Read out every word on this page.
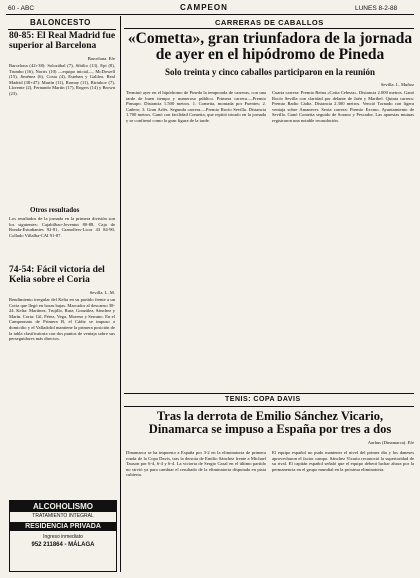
60 - ABC	CAMPEON	LUNES 8-2-88
BALONCESTO
80-85: El Real Madrid fue superior al Barcelona
Barcelona. Efe
Barcelona (42+38): Solozábal (7), Sibilio (13), Epi (8), Trumbo (16), Norris (10) —equipo inicial—, McDowell (15), Jiménez (6), Costa (4), Esteban y Galilea. Real Madrid (38+47): Martín (11), Romay (11), Biriukov (7), Llorente (2), Fernando Martín (17), Rogers (14) y Brown (23).
Otros resultados
Los resultados de la jornada en la primera división son los siguientes: Cajabilbao-Joventut 80-88, Caja de Ronda-Estudiantes 92-81, Granollers-Licor 43 84-90, Collado Villalba-CAI 91-87.
74-54: Fácil victoria del Kelia sobre el Coria
Sevilla. L. M.
Rendimiento irregular del Kelia en su partido frente a un Coria que llegó en horas bajas. Marcador al descanso 38-24. Kelia: Martínez, Trujillo, Ruiz, González, Sánchez y Marín. Coria: Gil, Pérez, Vega, Moreno y Serrano. En el Campeonato de Primera B, el Cádiz se impuso a domicilio y el Valladolid mantiene la primera posición de la tabla clasificatoria con dos puntos de ventaja sobre sus perseguidores más directos.
ALCOHOLISMO
TRATAMIENTO INTEGRAL
RESIDENCIA PRIVADA
Ingreso inmediato
952 211864 - MÁLAGA
CARRERAS DE CABALLOS
«Cometta», gran triunfadora de la jornada de ayer en el hipódromo de Pineda
Solo treinta y cinco caballos participaron en la reunión
Sevilla. L. Muñoz
Terminó ayer en el hipódromo de Pineda la temporada de carreras, con una tarde de buen tiempo y numeroso público. Primera carrera.—Premio Pinsapo. Distancia 1.500 metros. 1. Cometta, montada por Fuentes; 2. Cañero; 3. Gran Arlés. Segunda carrera.—Premio Rocío Sevilla. Distancia 1.700 metros. Ganó con facilidad Cometta, que repitió triunfo en la jornada y se confirmó como la gran figura de la tarde.
Cuarta carrera: Premio Reina «Cotta Cebeza». Distancia 2.000 metros. Ganó Rocío Sevilla con claridad por delante de Jaén y Maribel. Quinta carrera: Premio Radio Cádiz. Distancia 2.300 metros. Venció Tornado con ligera ventaja sobre Amanecer. Sexta carrera: Premio Excmo. Ayuntamiento de Sevilla. Ganó Cometta seguido de Sorano y Pescador. Las apuestas mutuas registraron una notable recaudación.
TENIS: COPA DAVIS
Tras la derrota de Emilio Sánchez Vicario, Dinamarca se impuso a España por tres a dos
Aarhus (Dinamarca). Efe
Dinamarca se ha impuesto a España por 3-2 en la eliminatoria de primera ronda de la Copa Davis, tras la derrota de Emilio Sánchez frente a Michael Tauson por 6-4, 6-4 y 6-4. La victoria de Sergio Casal en el último partido no sirvió ya para cambiar el resultado de la eliminatoria disputada en pista cubierta.
El equipo español no pudo mantener el nivel del primer día y los daneses aprovecharon el factor campo. Sánchez Vicario reconoció la superioridad de su rival. El capitán español señaló que el equipo deberá luchar ahora por la permanencia en el grupo mundial en la próxima eliminatoria.
